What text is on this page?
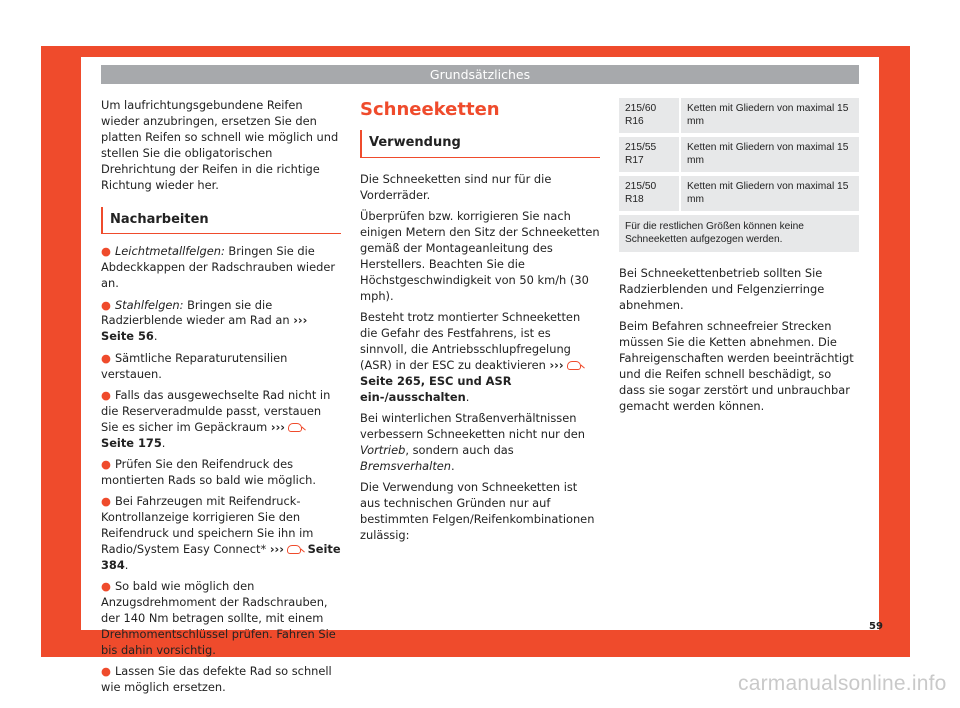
Grundsätzliches

Um laufrichtungsgebundene Reifen wieder anzubringen, ersetzen Sie den platten Reifen so schnell wie möglich und stellen Sie die obligatorischen Drehrichtung der Reifen in die richtige Richtung wieder her.

Nacharbeiten
● Leichtmetallfelgen: Bringen Sie die Abdeckkappen der Radschrauben wieder an.
● Stahlfelgen: Bringen sie die Radzierblende wieder am Rad an ››› Seite 56.
● Sämtliche Reparaturutensilien verstauen.
● Falls das ausgewechselte Rad nicht in die Reserveradmulde passt, verstauen Sie es sicher im Gepäckraum ››› Seite 175.
● Prüfen Sie den Reifendruck des montierten Rads so bald wie möglich.
● Bei Fahrzeugen mit Reifendruck-Kontrollanzeige korrigieren Sie den Reifendruck und speichern Sie ihn im Radio/System Easy Connect* ››› Seite 384.
● So bald wie möglich den Anzugsdrehmoment der Radschrauben, der 140 Nm betragen sollte, mit einem Drehmomentschlüssel prüfen. Fahren Sie bis dahin vorsichtig.
● Lassen Sie das defekte Rad so schnell wie möglich ersetzen.
Schneeketten
Verwendung

Die Schneeketten sind nur für die Vorderräder.

Überprüfen bzw. korrigieren Sie nach einigen Metern den Sitz der Schneeketten gemäß der Montageanleitung des Herstellers. Beachten Sie die Höchstgeschwindigkeit von 50 km/h (30 mph).

Besteht trotz montierter Schneeketten die Gefahr des Festfahrens, ist es sinnvoll, die Antriebsschlupfregelung (ASR) in der ESC zu deaktivieren ››› Seite 265, ESC und ASR ein-/ausschalten.

Bei winterlichen Straßenverhältnissen verbessern Schneeketten nicht nur den Vortrieb, sondern auch das Bremsverhalten.

Die Verwendung von Schneeketten ist aus technischen Gründen nur auf bestimmten Felgen/Reifenkombinationen zulässig:

215/60 R16	Ketten mit Gliedern von maximal 15 mm
215/55 R17	Ketten mit Gliedern von maximal 15 mm
215/50 R18	Ketten mit Gliedern von maximal 15 mm
Für die restlichen Größen können keine Schneeketten aufgezogen werden.	

Bei Schneekettenbetrieb sollten Sie Radzierblenden und Felgenzierringe abnehmen.

Beim Befahren schneefreier Strecken müssen Sie die Ketten abnehmen. Die Fahreigenschaften werden beeinträchtigt und die Reifen schnell beschädigt, so dass sie sogar zerstört und unbrauchbar gemacht werden können.

59
carmanualsonline.info
